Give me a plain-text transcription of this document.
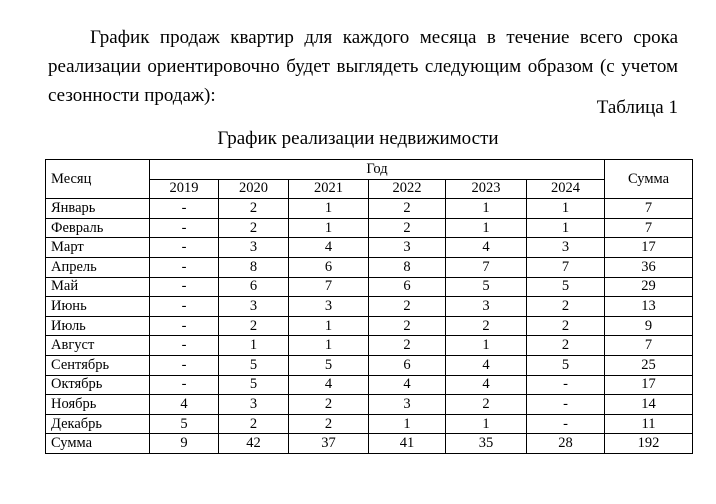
График продаж квартир для каждого месяца в течение всего срока реализации ориентировочно будет выглядеть следующим образом (с учетом сезонности продаж):

Таблица 1
График реализации недвижимости
Месяц	Год						Сумма
	2019	2020	2021	2022	2023	2024	
Январь	-	2	1	2	1	1	7
Февраль	-	2	1	2	1	1	7
Март	-	3	4	3	4	3	17
Апрель	-	8	6	8	7	7	36
Май	-	6	7	6	5	5	29
Июнь	-	3	3	2	3	2	13
Июль	-	2	1	2	2	2	9
Август	-	1	1	2	1	2	7
Сентябрь	-	5	5	6	4	5	25
Октябрь	-	5	4	4	4	-	17
Ноябрь	4	3	2	3	2	-	14
Декабрь	5	2	2	1	1	-	11
Сумма	9	42	37	41	35	28	192
